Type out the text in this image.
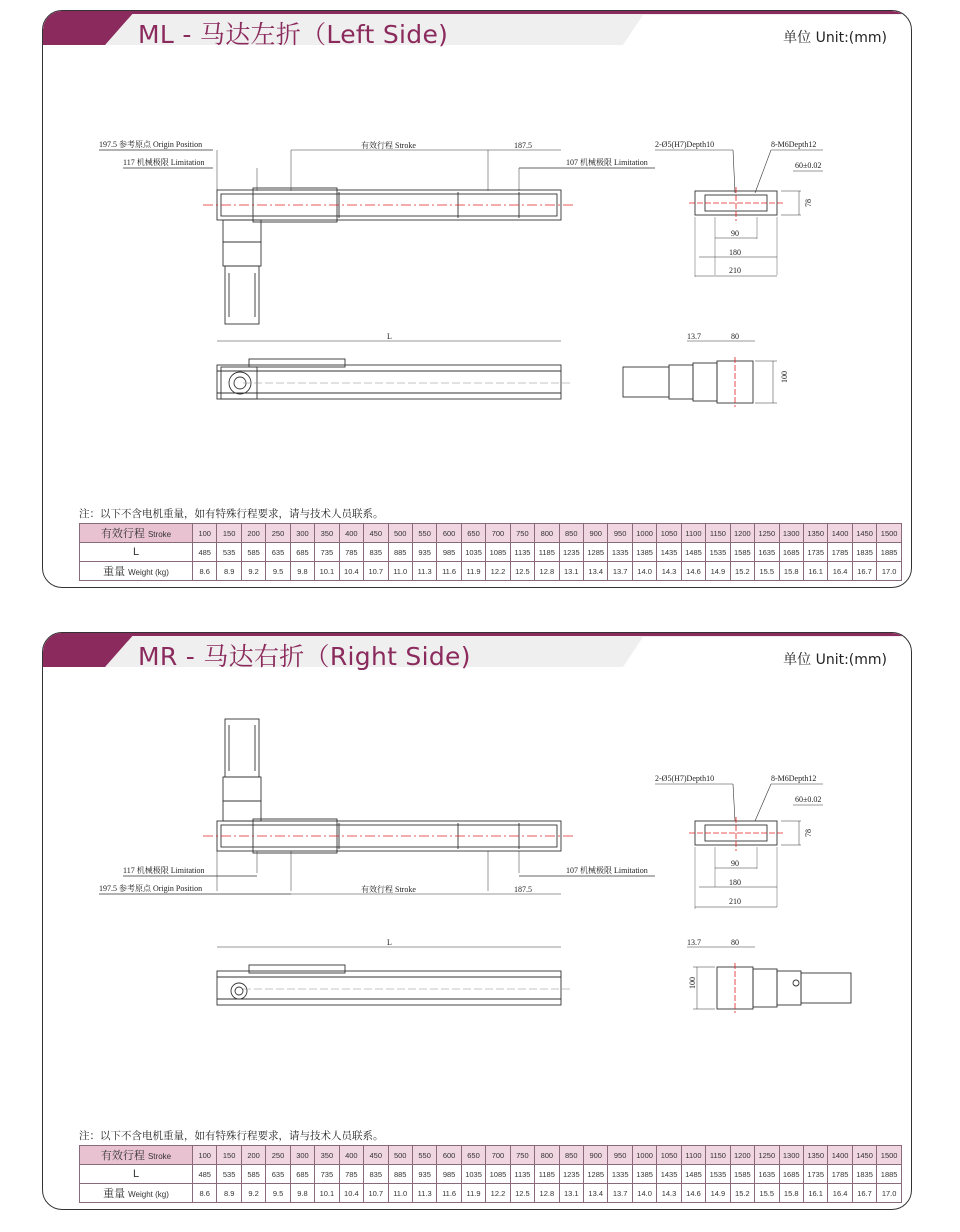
ML - 马达左折（Left Side)	单位 Unit:(mm)
197.5 参考原点 Origin Position
117 机械极限 Limitation
有效行程 Stroke	187.5
107 机械极限 Limitation
L
2-Ø5(H7)Depth10	8-M6Depth12
60±0.02
78
90
180
210
13.7	80
100
注：以下不含电机重量，如有特殊行程要求，请与技术人员联系。
有效行程 Stroke	100	150	200	250	300	350	400	450	500	550	600	650	700	750	800	850	900	950	1000	1050	1100	1150	1200	1250	1300	1350	1400	1450	1500
L	485	535	585	635	685	735	785	835	885	935	985	1035	1085	1135	1185	1235	1285	1335	1385	1435	1485	1535	1585	1635	1685	1735	1785	1835	1885
重量 Weight (kg)	8.6	8.9	9.2	9.5	9.8	10.1	10.4	10.7	11.0	11.3	11.6	11.9	12.2	12.5	12.8	13.1	13.4	13.7	14.0	14.3	14.6	14.9	15.2	15.5	15.8	16.1	16.4	16.7	17.0
MR - 马达右折（Right Side)	单位 Unit:(mm)
117 机械极限 Limitation
197.5 参考原点 Origin Position	有效行程 Stroke	187.5
107 机械极限 Limitation
L
2-Ø5(H7)Depth10	8-M6Depth12
60±0.02
78
90
180
210
13.7	80
100
注：以下不含电机重量，如有特殊行程要求，请与技术人员联系。
有效行程 Stroke	100	150	200	250	300	350	400	450	500	550	600	650	700	750	800	850	900	950	1000	1050	1100	1150	1200	1250	1300	1350	1400	1450	1500
L	485	535	585	635	685	735	785	835	885	935	985	1035	1085	1135	1185	1235	1285	1335	1385	1435	1485	1535	1585	1635	1685	1735	1785	1835	1885
重量 Weight (kg)	8.6	8.9	9.2	9.5	9.8	10.1	10.4	10.7	11.0	11.3	11.6	11.9	12.2	12.5	12.8	13.1	13.4	13.7	14.0	14.3	14.6	14.9	15.2	15.5	15.8	16.1	16.4	16.7	17.0
